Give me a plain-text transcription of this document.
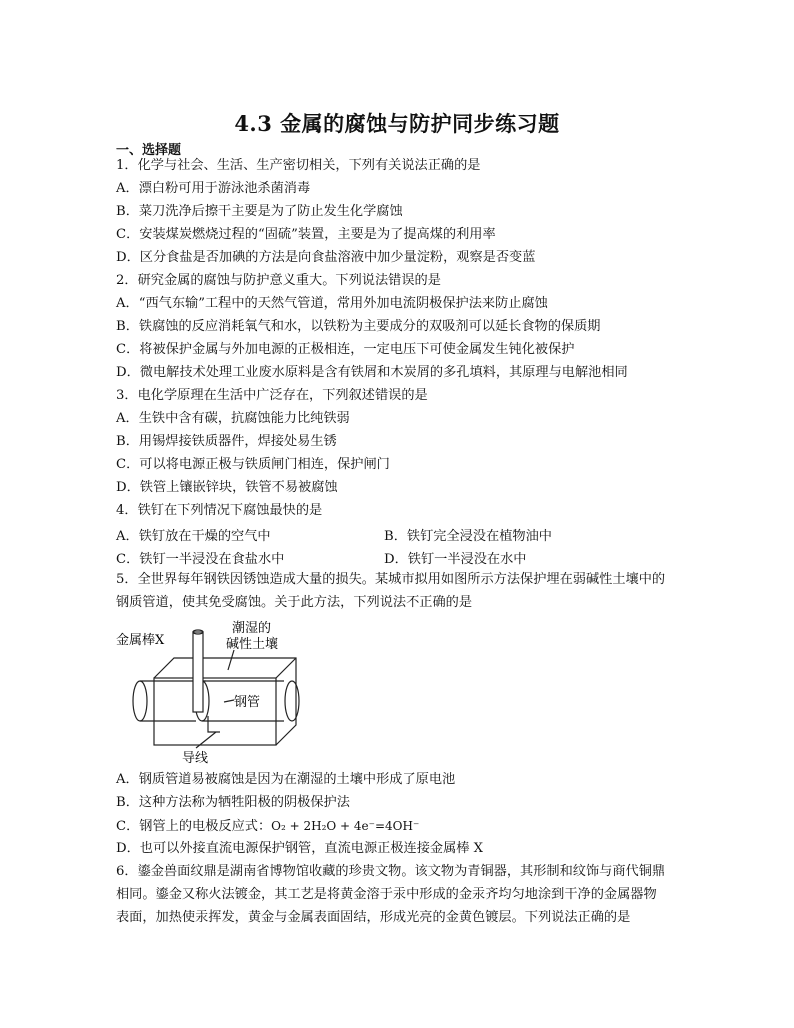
4.3 金属的腐蚀与防护同步练习题
一、选择题
1．化学与社会、生活、生产密切相关，下列有关说法正确的是
A．漂白粉可用于游泳池杀菌消毒
B．菜刀洗净后擦干主要是为了防止发生化学腐蚀
C．安装煤炭燃烧过程的“固硫”装置，主要是为了提高煤的利用率
D．区分食盐是否加碘的方法是向食盐溶液中加少量淀粉，观察是否变蓝
2．研究金属的腐蚀与防护意义重大。下列说法错误的是
A．“西气东输”工程中的天然气管道，常用外加电流阴极保护法来防止腐蚀
B．铁腐蚀的反应消耗氧气和水，以铁粉为主要成分的双吸剂可以延长食物的保质期
C．将被保护金属与外加电源的正极相连，一定电压下可使金属发生钝化被保护
D．微电解技术处理工业废水原料是含有铁屑和木炭屑的多孔填料，其原理与电解池相同
3．电化学原理在生活中广泛存在，下列叙述错误的是
A．生铁中含有碳，抗腐蚀能力比纯铁弱
B．用锡焊接铁质器件，焊接处易生锈
C．可以将电源正极与铁质闸门相连，保护闸门
D．铁管上镶嵌锌块，铁管不易被腐蚀
4．铁钉在下列情况下腐蚀最快的是
A．铁钉放在干燥的空气中	B．铁钉完全浸没在植物油中
C．铁钉一半浸没在食盐水中	D．铁钉一半浸没在水中
5．全世界每年钢铁因锈蚀造成大量的损失。某城市拟用如图所示方法保护埋在弱碱性土壤中的
钢质管道，使其免受腐蚀。关于此方法，下列说法不正确的是
金属棒X
潮湿的
碱性土壤
钢管
导线
A．钢质管道易被腐蚀是因为在潮湿的土壤中形成了原电池
B．这种方法称为牺牲阳极的阴极保护法
C．钢管上的电极反应式：O₂ + 2H₂O + 4e⁻=4OH⁻
D．也可以外接直流电源保护钢管，直流电源正极连接金属棒 X
6．鎏金兽面纹鼎是湖南省博物馆收藏的珍贵文物。该文物为青铜器，其形制和纹饰与商代铜鼎
相同。鎏金又称火法镀金，其工艺是将黄金溶于汞中形成的金汞齐均匀地涂到干净的金属器物
表面，加热使汞挥发，黄金与金属表面固结，形成光亮的金黄色镀层。下列说法正确的是
